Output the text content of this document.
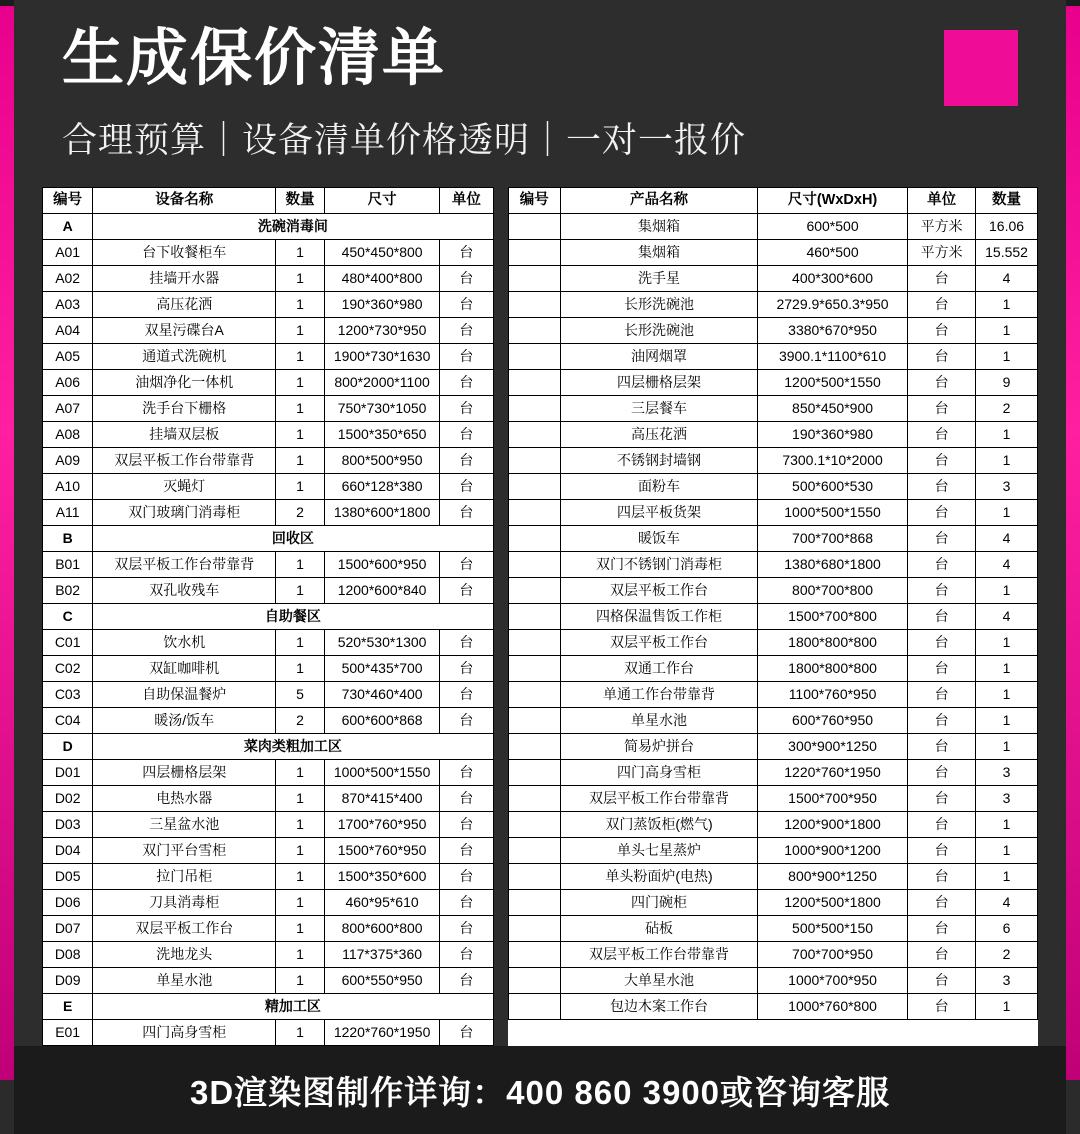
生成保价清单
合理预算｜设备清单价格透明｜一对一报价
编号	设备名称	数量	尺寸	单位
A	洗碗消毒间			
A01	台下收餐柜车	1	450*450*800	台
A02	挂墙开水器	1	480*400*800	台
A03	高压花洒	1	190*360*980	台
A04	双星污碟台A	1	1200*730*950	台
A05	通道式洗碗机	1	1900*730*1630	台
A06	油烟净化一体机	1	800*2000*1100	台
A07	洗手台下栅格	1	750*730*1050	台
A08	挂墙双层板	1	1500*350*650	台
A09	双层平板工作台带靠背	1	800*500*950	台
A10	灭蝇灯	1	660*128*380	台
A11	双门玻璃门消毒柜	2	1380*600*1800	台
B	回收区			
B01	双层平板工作台带靠背	1	1500*600*950	台
B02	双孔收残车	1	1200*600*840	台
C	自助餐区			
C01	饮水机	1	520*530*1300	台
C02	双缸咖啡机	1	500*435*700	台
C03	自助保温餐炉	5	730*460*400	台
C04	暖汤/饭车	2	600*600*868	台
D	菜肉类粗加工区			
D01	四层栅格层架	1	1000*500*1550	台
D02	电热水器	1	870*415*400	台
D03	三星盆水池	1	1700*760*950	台
D04	双门平台雪柜	1	1500*760*950	台
D05	拉门吊柜	1	1500*350*600	台
D06	刀具消毒柜	1	460*95*610	台
D07	双层平板工作台	1	800*600*800	台
D08	洗地龙头	1	117*375*360	台
D09	单星水池	1	600*550*950	台
E	精加工区			
E01	四门高身雪柜	1	1220*760*1950	台
编号	产品名称	尺寸(WxDxH)	单位	数量
	集烟箱	600*500	平方米	16.06
	集烟箱	460*500	平方米	15.552
	洗手星	400*300*600	台	4
	长形洗碗池	2729.9*650.3*950	台	1
	长形洗碗池	3380*670*950	台	1
	油网烟罩	3900.1*1100*610	台	1
	四层栅格层架	1200*500*1550	台	9
	三层餐车	850*450*900	台	2
	高压花洒	190*360*980	台	1
	不锈钢封墙钢	7300.1*10*2000	台	1
	面粉车	500*600*530	台	3
	四层平板货架	1000*500*1550	台	1
	暖饭车	700*700*868	台	4
	双门不锈钢门消毒柜	1380*680*1800	台	4
	双层平板工作台	800*700*800	台	1
	四格保温售饭工作柜	1500*700*800	台	4
	双层平板工作台	1800*800*800	台	1
	双通工作台	1800*800*800	台	1
	单通工作台带靠背	1100*760*950	台	1
	单星水池	600*760*950	台	1
	简易炉拼台	300*900*1250	台	1
	四门高身雪柜	1220*760*1950	台	3
	双层平板工作台带靠背	1500*700*950	台	3
	双门蒸饭柜(燃气)	1200*900*1800	台	1
	单头七星蒸炉	1000*900*1200	台	1
	单头粉面炉(电热)	800*900*1250	台	1
	四门碗柜	1200*500*1800	台	4
	砧板	500*500*150	台	6
	双层平板工作台带靠背	700*700*950	台	2
	大单星水池	1000*700*950	台	3
	包边木案工作台	1000*760*800	台	1
3D渲染图制作详询：400 860 3900或咨询客服
